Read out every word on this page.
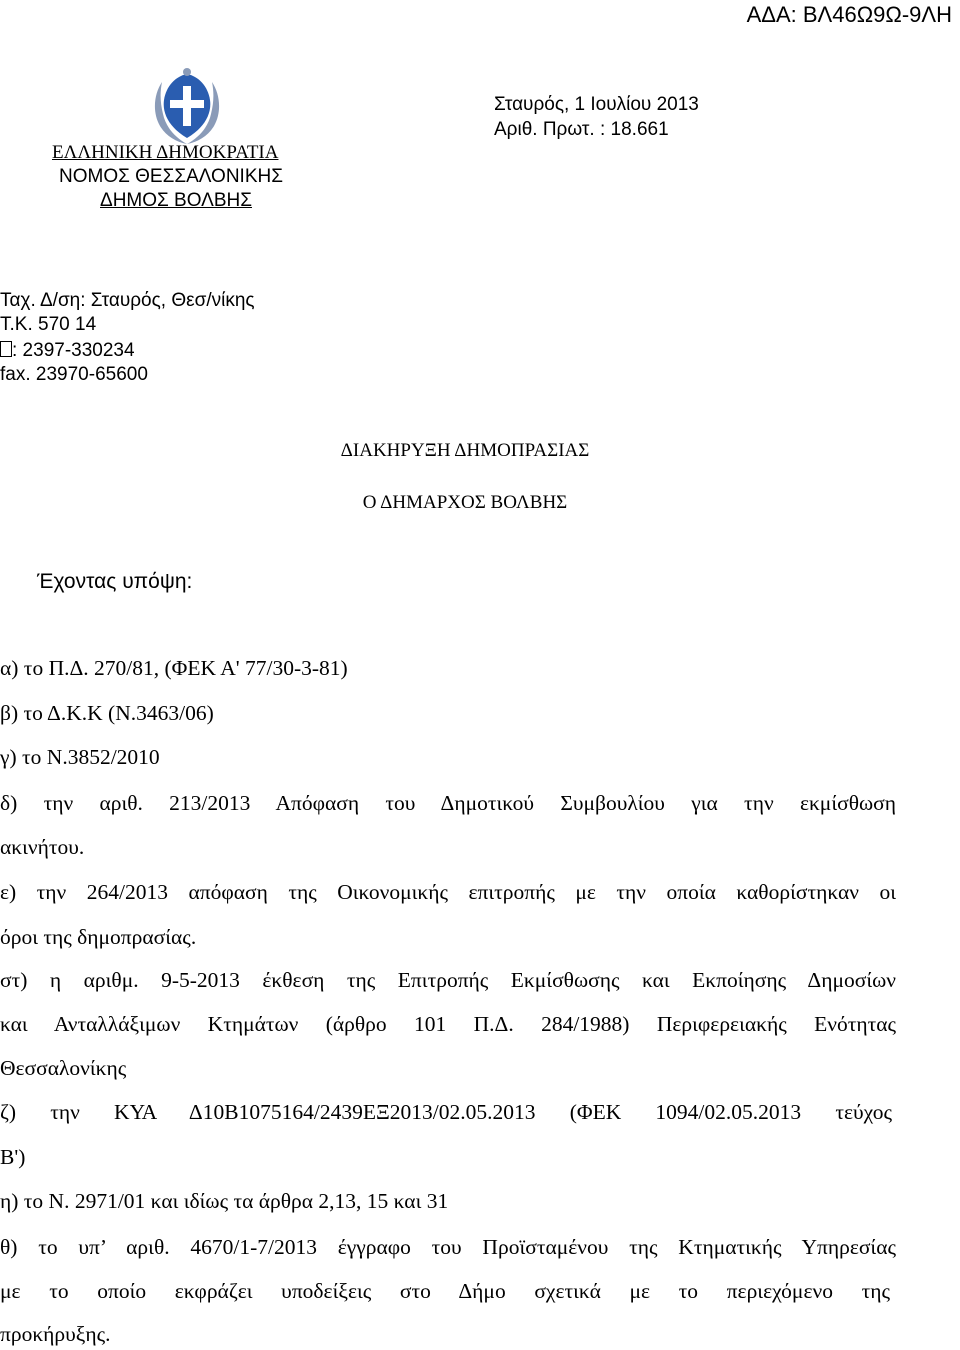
ΑΔΑ: ΒΛ46Ω9Ω-9ΛΗ
ΕΛΛΗΝΙΚΗ ΔΗΜΟΚΡΑΤΙΑ
ΝΟΜΟΣ ΘΕΣΣΑΛΟΝΙΚΗΣ
ΔΗΜΟΣ ΒΟΛΒΗΣ
Σταυρός, 1 Ιουλίου 2013
Αριθ. Πρωτ. : 18.661
Ταχ. Δ/ση: Σταυρός, Θεσ/νίκης
Τ.Κ. 570 14
: 2397-330234
fax. 23970-65600
ΔΙΑΚΗΡΥΞΗ ΔΗΜΟΠΡΑΣΙΑΣ
Ο ΔΗΜΑΡΧΟΣ ΒΟΛΒΗΣ
Έχοντας υπόψη:
α) το Π.Δ. 270/81, (ΦΕΚ Α' 77/30-3-81)
β) το Δ.Κ.Κ (Ν.3463/06)
γ) το Ν.3852/2010
δ) την αριθ. 213/2013 Απόφαση του Δημοτικού Συμβουλίου για την εκμίσθωση
ακινήτου.
ε) την 264/2013 απόφαση της Οικονομικής επιτροπής με την οποία καθορίστηκαν οι
όροι της δημοπρασίας.
στ) η αριθμ. 9-5-2013 έκθεση της Επιτροπής Εκμίσθωσης και Εκποίησης Δημοσίων
και Ανταλλάξιμων Κτημάτων (άρθρο 101 Π.Δ. 284/1988) Περιφερειακής Ενότητας
Θεσσαλονίκης
ζ) την ΚΥΑ Δ10Β1075164/2439ΕΞ2013/02.05.2013 (ΦΕΚ 1094/02.05.2013 τεύχος
Β')
η) το Ν. 2971/01 και ιδίως τα άρθρα 2,13, 15 και 31
θ) το υπ’ αριθ. 4670/1-7/2013 έγγραφο του Προϊσταμένου της Κτηματικής Υπηρεσίας
με το οποίο εκφράζει υποδείξεις στο Δήμο σχετικά με το περιεχόμενο της
προκήρυξης.
